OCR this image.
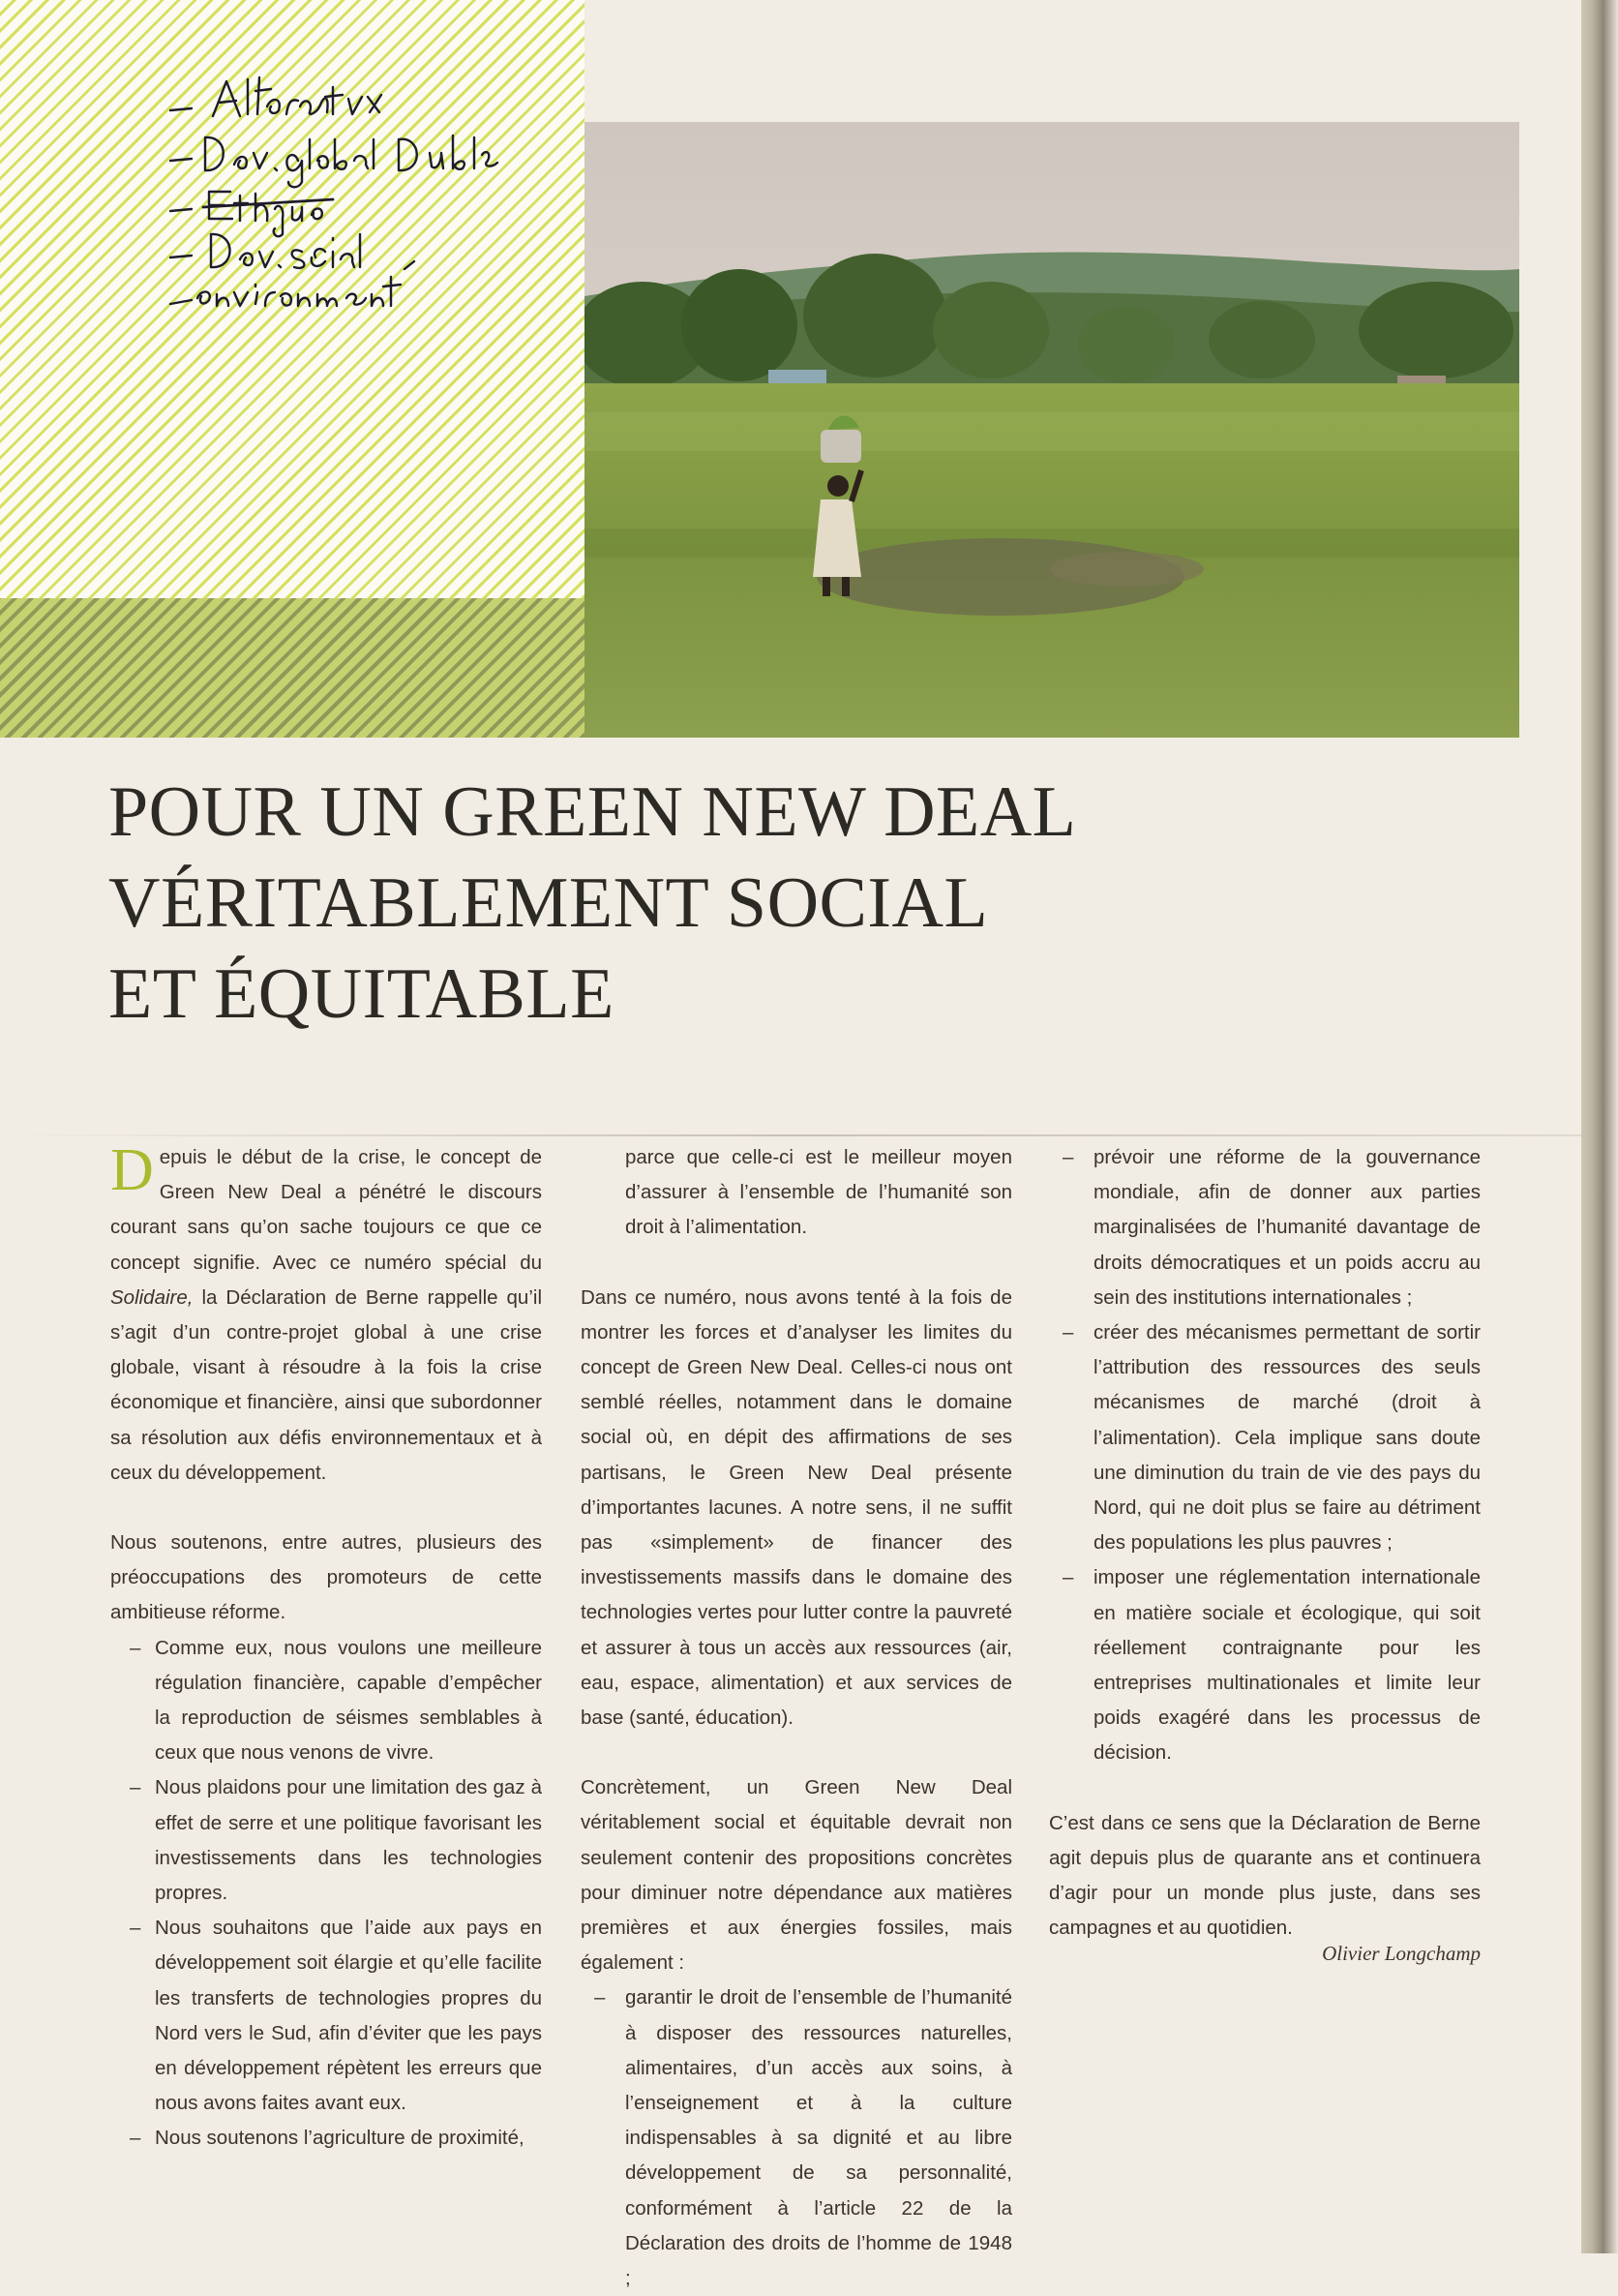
POUR UN GREEN NEW DEAL
VÉRITABLEMENT SOCIAL
ET ÉQUITABLE

Depuis le début de la crise, le concept de Green New Deal a pénétré le discours courant sans qu’on sache toujours ce que ce concept signifie. Avec ce numéro spécial du Solidaire, la Déclaration de Berne rappelle qu’il s’agit d’un contre-projet global à une crise globale, visant à résoudre à la fois la crise économique et financière, ainsi que subordonner sa résolution aux défis environnementaux et à ceux du développement.

Nous soutenons, entre autres, plusieurs des préoccupations des promoteurs de cette ambitieuse réforme.

– Comme eux, nous voulons une meilleure régulation financière, capable d’empêcher la reproduction de séismes semblables à ceux que nous venons de vivre.

– Nous plaidons pour une limitation des gaz à effet de serre et une politique favorisant les investissements dans les technologies propres.

– Nous souhaitons que l’aide aux pays en développement soit élargie et qu’elle facilite les transferts de technologies propres du Nord vers le Sud, afin d’éviter que les pays en développement répètent les erreurs que nous avons faites avant eux.

– Nous soutenons l’agriculture de proximité,

parce que celle-ci est le meilleur moyen d’assurer à l’ensemble de l’humanité son droit à l’alimentation.

Dans ce numéro, nous avons tenté à la fois de montrer les forces et d’analyser les limites du concept de Green New Deal. Celles-ci nous ont semblé réelles, notamment dans le domaine social où, en dépit des affirmations de ses partisans, le Green New Deal présente d’importantes lacunes. A notre sens, il ne suffit pas «simplement» de financer des investissements massifs dans le domaine des technologies vertes pour lutter contre la pauvreté et assurer à tous un accès aux ressources (air, eau, espace, alimentation) et aux services de base (santé, éducation).

Concrètement, un Green New Deal véritablement social et équitable devrait non seulement contenir des propositions concrètes pour diminuer notre dépendance aux matières premières et aux énergies fossiles, mais également :

– garantir le droit de l’ensemble de l’humanité à disposer des ressources naturelles, alimentaires, d’un accès aux soins, à l’enseignement et à la culture indispensables à sa dignité et au libre développement de sa personnalité, conformément à l’article 22 de la Déclaration des droits de l’homme de 1948 ;

– prévoir une réforme de la gouvernance mondiale, afin de donner aux parties marginalisées de l’humanité davantage de droits démocratiques et un poids accru au sein des institutions internationales ;

– créer des mécanismes permettant de sortir l’attribution des ressources des seuls mécanismes de marché (droit à l’alimentation). Cela implique sans doute une diminution du train de vie des pays du Nord, qui ne doit plus se faire au détriment des populations les plus pauvres ;

– imposer une réglementation internationale en matière sociale et écologique, qui soit réellement contraignante pour les entreprises multinationales et limite leur poids exagéré dans les processus de décision.

C’est dans ce sens que la Déclaration de Berne agit depuis plus de quarante ans et continuera d’agir pour un monde plus juste, dans ses campagnes et au quotidien.

Olivier Longchamp
